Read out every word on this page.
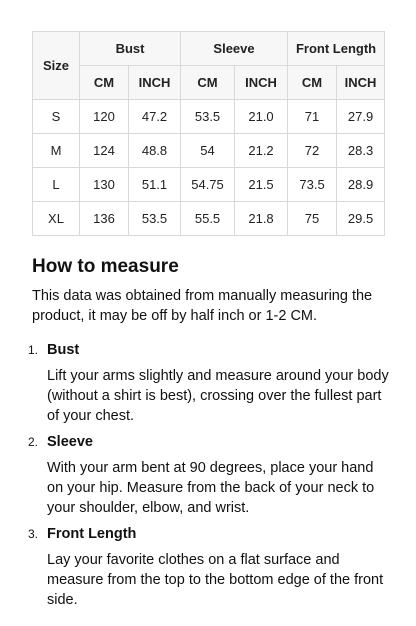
Size	Bust		Sleeve		Front Length	
	CM	INCH	CM	INCH	CM	INCH
S	120	47.2	53.5	21.0	71	27.9
M	124	48.8	54	21.2	72	28.3
L	130	51.1	54.75	21.5	73.5	28.9
XL	136	53.5	55.5	21.8	75	29.5
How to measure

This data was obtained from manually measuring the product, it may be off by half inch or 1-2 CM.

1. Bust
Lift your arms slightly and measure around your body (without a shirt is best), crossing over the fullest part of your chest.
2. Sleeve
With your arm bent at 90 degrees, place your hand on your hip. Measure from the back of your neck to your shoulder, elbow, and wrist.
3. Front Length
Lay your favorite clothes on a flat surface and measure from the top to the bottom edge of the front side.
